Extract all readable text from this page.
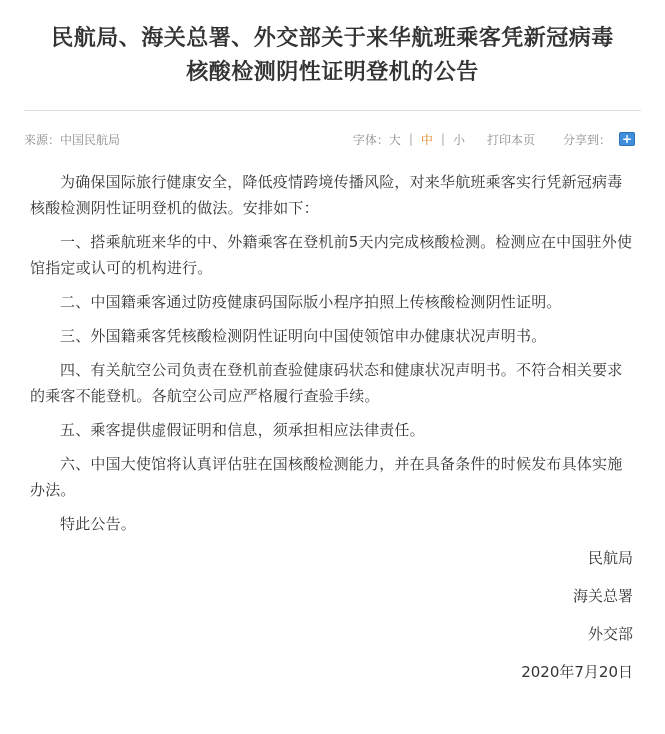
民航局、海关总署、外交部关于来华航班乘客凭新冠病毒
核酸检测阴性证明登机的公告
来源：中国民航局	字体： 大 | 中 | 小 打印本页 分享到： +

为确保国际旅行健康安全，降低疫情跨境传播风险，对来华航班乘客实行凭新冠病毒核酸检测阴性证明登机的做法。安排如下：

一、搭乘航班来华的中、外籍乘客在登机前5天内完成核酸检测。检测应在中国驻外使馆指定或认可的机构进行。

二、中国籍乘客通过防疫健康码国际版小程序拍照上传核酸检测阴性证明。

三、外国籍乘客凭核酸检测阴性证明向中国使领馆申办健康状况声明书。

四、有关航空公司负责在登机前查验健康码状态和健康状况声明书。不符合相关要求的乘客不能登机。各航空公司应严格履行查验手续。

五、乘客提供虚假证明和信息，须承担相应法律责任。

六、中国大使馆将认真评估驻在国核酸检测能力，并在具备条件的时候发布具体实施办法。

特此公告。

民航局
海关总署
外交部
2020年7月20日
